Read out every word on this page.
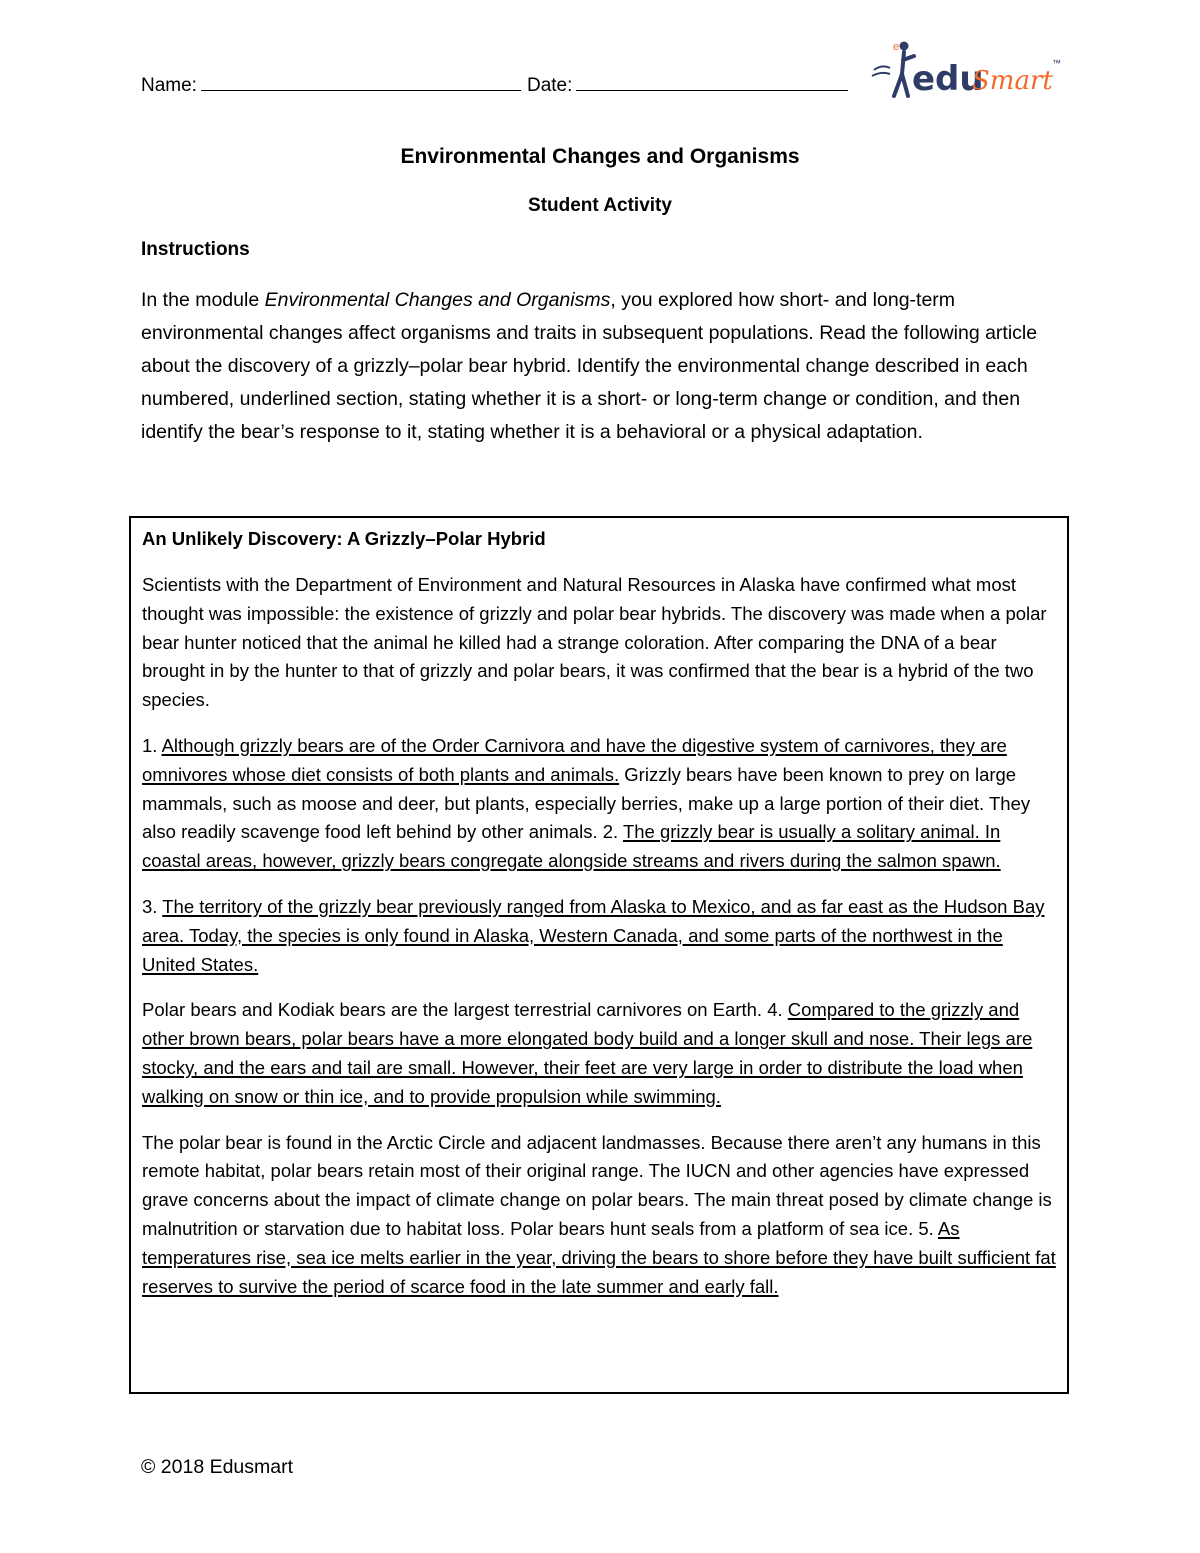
Name:	Date:
e
edu
Smart
™
Environmental Changes and Organisms
Student Activity
Instructions
In the module Environmental Changes and Organisms, you explored how short- and long-term environmental changes affect organisms and traits in subsequent populations. Read the following article about the discovery of a grizzly–polar bear hybrid. Identify the environmental change described in each numbered, underlined section, stating whether it is a short- or long-term change or condition, and then identify the bear’s response to it, stating whether it is a behavioral or a physical adaptation.
An Unlikely Discovery: A Grizzly–Polar Hybrid

Scientists with the Department of Environment and Natural Resources in Alaska have confirmed what most thought was impossible: the existence of grizzly and polar bear hybrids. The discovery was made when a polar bear hunter noticed that the animal he killed had a strange coloration. After comparing the DNA of a bear brought in by the hunter to that of grizzly and polar bears, it was confirmed that the bear is a hybrid of the two species.

1. Although grizzly bears are of the Order Carnivora and have the digestive system of carnivores, they are omnivores whose diet consists of both plants and animals. Grizzly bears have been known to prey on large mammals, such as moose and deer, but plants, especially berries, make up a large portion of their diet. They also readily scavenge food left behind by other animals. 2. The grizzly bear is usually a solitary animal. In coastal areas, however, grizzly bears congregate alongside streams and rivers during the salmon spawn.

3. The territory of the grizzly bear previously ranged from Alaska to Mexico, and as far east as the Hudson Bay area. Today, the species is only found in Alaska, Western Canada, and some parts of the northwest in the United States.

Polar bears and Kodiak bears are the largest terrestrial carnivores on Earth. 4. Compared to the grizzly and other brown bears, polar bears have a more elongated body build and a longer skull and nose. Their legs are stocky, and the ears and tail are small. However, their feet are very large in order to distribute the load when walking on snow or thin ice, and to provide propulsion while swimming.

The polar bear is found in the Arctic Circle and adjacent landmasses. Because there aren’t any humans in this remote habitat, polar bears retain most of their original range. The IUCN and other agencies have expressed grave concerns about the impact of climate change on polar bears. The main threat posed by climate change is malnutrition or starvation due to habitat loss. Polar bears hunt seals from a platform of sea ice. 5. As temperatures rise, sea ice melts earlier in the year, driving the bears to shore before they have built sufficient fat reserves to survive the period of scarce food in the late summer and early fall.

© 2018 Edusmart
